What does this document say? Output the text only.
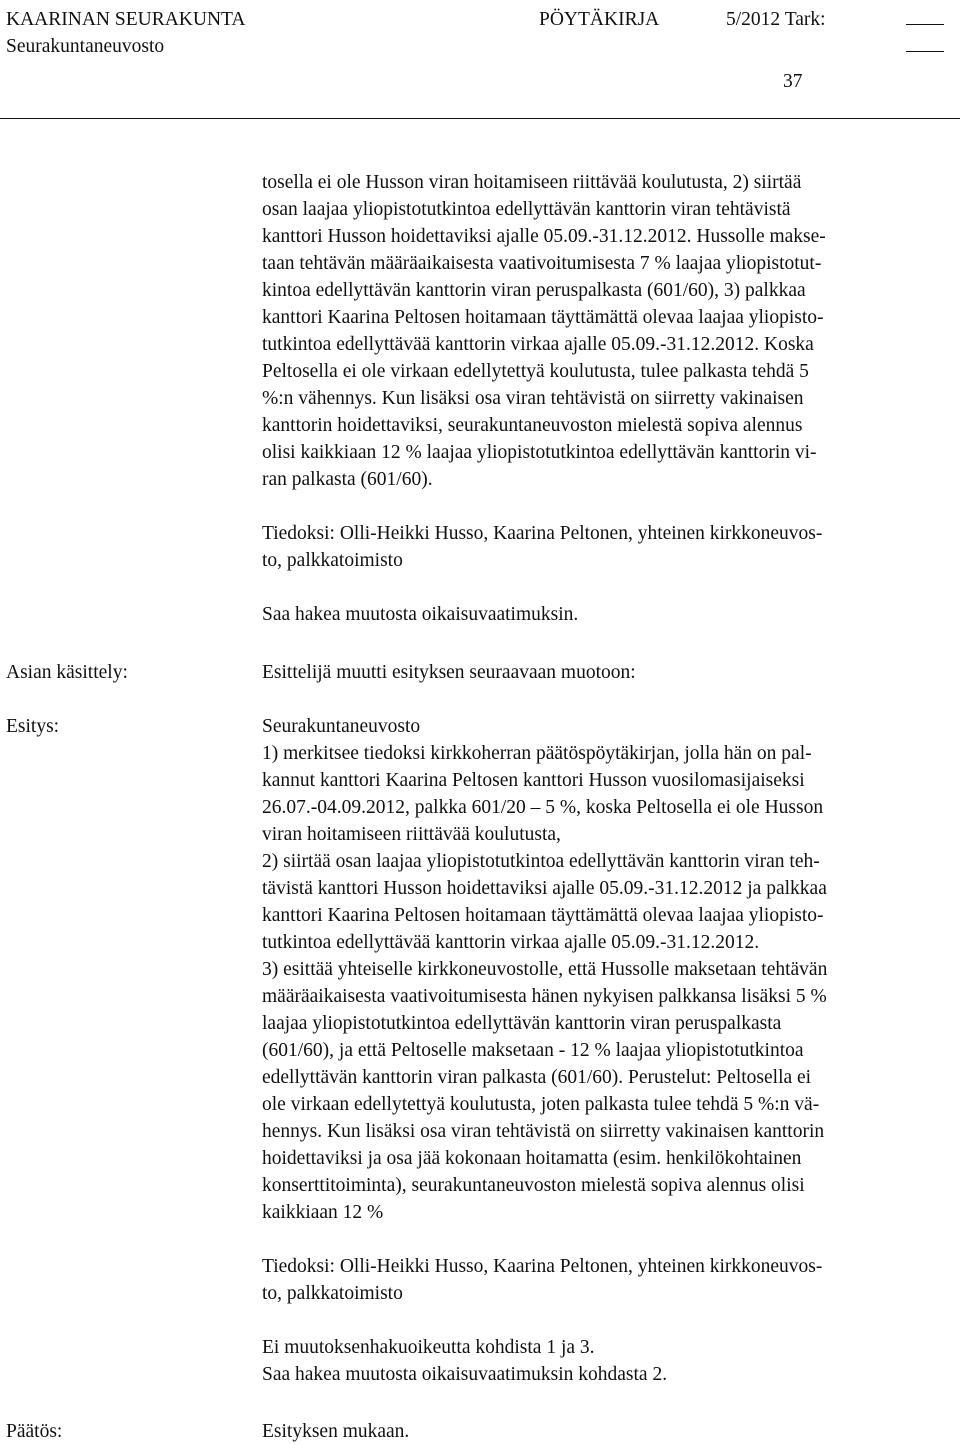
KAARINAN SEURAKUNTA	PÖYTÄKIRJA	5/2012 Tark:
Seurakuntaneuvosto
37

tosella ei ole Husson viran hoitamiseen riittävää koulutusta, 2) siirtää

osan laajaa yliopistotutkintoa edellyttävän kanttorin viran tehtävistä

kanttori Husson hoidettaviksi ajalle 05.09.-31.12.2012. Hussolle makse-

taan tehtävän määräaikaisesta vaativoitumisesta 7 % laajaa yliopistotut-

kintoa edellyttävän kanttorin viran peruspalkasta (601/60), 3) palkkaa

kanttori Kaarina Peltosen hoitamaan täyttämättä olevaa laajaa yliopisto-

tutkintoa edellyttävää kanttorin virkaa ajalle 05.09.-31.12.2012. Koska

Peltosella ei ole virkaan edellytettyä koulutusta, tulee palkasta tehdä 5

%:n vähennys. Kun lisäksi osa viran tehtävistä on siirretty vakinaisen

kanttorin hoidettaviksi, seurakuntaneuvoston mielestä sopiva alennus

olisi kaikkiaan 12 % laajaa yliopistotutkintoa edellyttävän kanttorin vi-

ran palkasta (601/60).

Tiedoksi: Olli-Heikki Husso, Kaarina Peltonen, yhteinen kirkkoneuvos-

to, palkkatoimisto

Saa hakea muutosta oikaisuvaatimuksin.

Asian käsittely:
Esitys:
Päätös:

Esittelijä muutti esityksen seuraavaan muotoon:

Seurakuntaneuvosto

1) merkitsee tiedoksi kirkkoherran päätöspöytäkirjan, jolla hän on pal-

kannut kanttori Kaarina Peltosen kanttori Husson vuosilomasijaiseksi

26.07.-04.09.2012, palkka 601/20 – 5 %, koska Peltosella ei ole Husson

viran hoitamiseen riittävää koulutusta,

2) siirtää osan laajaa yliopistotutkintoa edellyttävän kanttorin viran teh-

tävistä kanttori Husson hoidettaviksi ajalle 05.09.-31.12.2012 ja palkkaa

kanttori Kaarina Peltosen hoitamaan täyttämättä olevaa laajaa yliopisto-

tutkintoa edellyttävää kanttorin virkaa ajalle 05.09.-31.12.2012.

3) esittää yhteiselle kirkkoneuvostolle, että Hussolle maksetaan tehtävän

määräaikaisesta vaativoitumisesta hänen nykyisen palkkansa lisäksi 5 %

laajaa yliopistotutkintoa edellyttävän kanttorin viran peruspalkasta

(601/60), ja että Peltoselle maksetaan - 12 % laajaa yliopistotutkintoa

edellyttävän kanttorin viran palkasta (601/60). Perustelut: Peltosella ei

ole virkaan edellytettyä koulutusta, joten palkasta tulee tehdä 5 %:n vä-

hennys. Kun lisäksi osa viran tehtävistä on siirretty vakinaisen kanttorin

hoidettaviksi ja osa jää kokonaan hoitamatta (esim. henkilökohtainen

konserttitoiminta), seurakuntaneuvoston mielestä sopiva alennus olisi

kaikkiaan 12 %

Tiedoksi: Olli-Heikki Husso, Kaarina Peltonen, yhteinen kirkkoneuvos-

to, palkkatoimisto

Ei muutoksenhakuoikeutta kohdista 1 ja 3.

Saa hakea muutosta oikaisuvaatimuksin kohdasta 2.

Esityksen mukaan.
